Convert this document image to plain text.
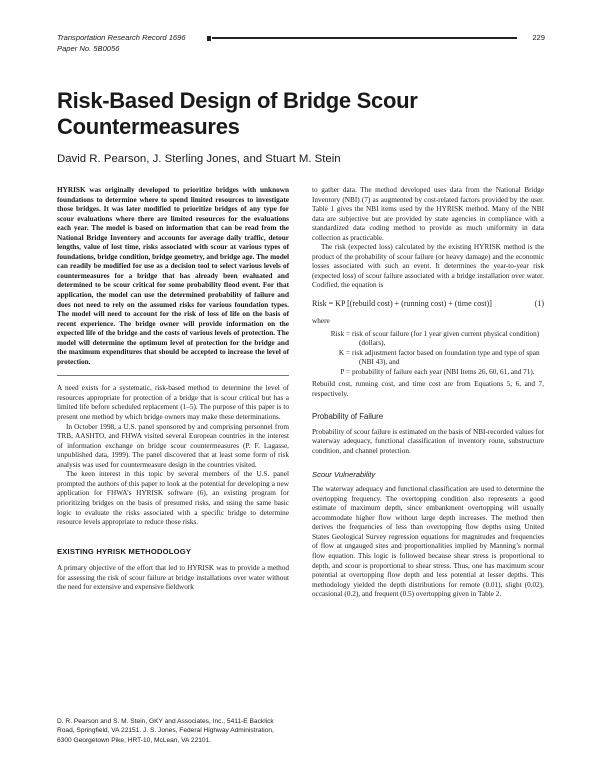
Transportation Research Record 1696	229
Paper No. 5B0056
Risk-Based Design of Bridge Scour
Countermeasures
David R. Pearson, J. Sterling Jones, and Stuart M. Stein

HYRISK was originally developed to prioritize bridges with unknown foundations to determine where to spend limited resources to investigate those bridges. It was later modified to prioritize bridges of any type for scour evaluations where there are limited resources for the evaluations each year. The model is based on information that can be read from the National Bridge Inventory and accounts for average daily traffic, detour lengths, value of lost time, risks associated with scour at various types of foundations, bridge condition, bridge geometry, and bridge age. The model can readily be modified for use as a decision tool to select various levels of countermeasures for a bridge that has already been evaluated and determined to be scour critical for some probability flood event. For that application, the model can use the determined probability of failure and does not need to rely on the assumed risks for various foundation types. The model will need to account for the risk of loss of life on the basis of recent experience. The bridge owner will provide information on the expected life of the bridge and the costs of various levels of protection. The model will determine the optimum level of protection for the bridge and the maximum expenditures that should be accepted to increase the level of protection.

A need exists for a systematic, risk-based method to determine the level of resources appropriate for protection of a bridge that is scour critical but has a limited life before scheduled replacement (1–5). The purpose of this paper is to present one method by which bridge owners may make these determinations.

In October 1998, a U.S. panel sponsored by and comprising personnel from TRB, AASHTO, and FHWA visited several European countries in the interest of information exchange on bridge scour countermeasures (P. F. Lagasse, unpublished data, 1999). The panel discovered that at least some form of risk analysis was used for countermeasure design in the countries visited.

The keen interest in this topic by several members of the U.S. panel prompted the authors of this paper to look at the potential for developing a new application for FHWA’s HYRISK software (6), an existing program for prioritizing bridges on the basis of presumed risks, and using the same basic logic to evaluate the risks associated with a specific bridge to determine resource levels appropriate to reduce those risks.

EXISTING HYRISK METHODOLOGY

A primary objective of the effort that led to HYRISK was to provide a method for assessing the risk of scour failure at bridge installations over water without the need for extensive and expensive fieldwork

D. R. Pearson and S. M. Stein, GKY and Associates, Inc., 5411-E Backlick Road, Springfield, VA 22151. J. S. Jones, Federal Highway Administration, 6300 Georgetown Pike, HRT-10, McLean, VA 22101.

to gather data. The method developed uses data from the National Bridge Inventory (NBI) (7) as augmented by cost-related factors provided by the user. Table 1 gives the NBI items used by the HYRISK method. Many of the NBI data are subjective but are provided by state agencies in compliance with a standardized data coding method to provide as much uniformity in data collection as practicable.

The risk (expected loss) calculated by the existing HYRISK method is the product of the probability of scour failure (or heavy damage) and the economic losses associated with such an event. It determines the year-to-year risk (expected loss) of scour failure associated with a bridge installation over water. Codified, the equation is

Risk = KP [(rebuild cost) + (running cost) + (time cost)]	(1)

where

Risk = risk of scour failure (for 1 year given current physical condition) (dollars),
K = risk adjustment factor based on foundation type and type of span (NBI 43), and
P = probability of failure each year (NBI Items 26, 60, 61, and 71).

Rebuild cost, running cost, and time cost are from Equations 5, 6, and 7, respectively.

Probability of Failure

Probability of scour failure is estimated on the basis of NBI-recorded values for waterway adequacy, functional classification of inventory route, substructure condition, and channel protection.

Scour Vulnerability

The waterway adequacy and functional classification are used to determine the overtopping frequency. The overtopping condition also represents a good estimate of maximum depth, since embankment overtopping will usually accommodate higher flow without large depth increases. The method then derives the frequencies of less than overtopping flow depths using United States Geological Survey regression equations for magnitudes and frequencies of flow at ungauged sites and proportionalities implied by Manning’s normal flow equation. This logic is followed because shear stress is proportional to depth, and scour is proportional to shear stress. Thus, one has maximum scour potential at overtopping flow depth and less potential at lesser depths. This methodology yielded the depth distributions for remote (0.01), slight (0.02), occasional (0.2), and frequent (0.5) overtopping given in Table 2.
